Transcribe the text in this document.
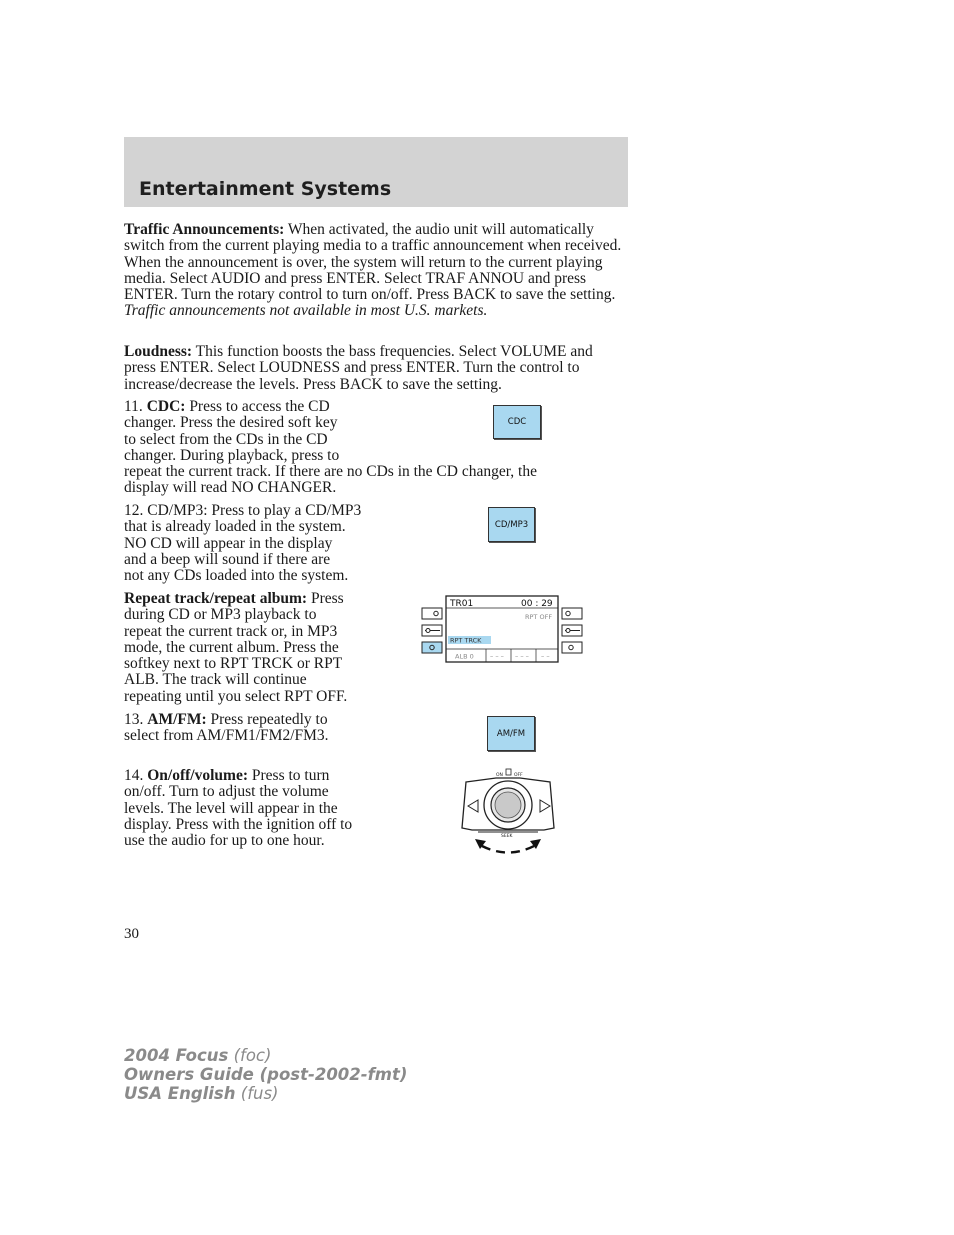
Entertainment Systems

Traffic Announcements: When activated, the audio unit will automatically switch from the current playing media to a traffic announcement when received. When the announcement is over, the system will return to the current playing media. Select AUDIO and press ENTER. Select TRAF ANNOU and press ENTER. Turn the rotary control to turn on/off. Press BACK to save the setting. Traffic announcements not available in most U.S. markets.

Loudness: This function boosts the bass frequencies. Select VOLUME and press ENTER. Select LOUDNESS and press ENTER. Turn the control to increase/decrease the levels. Press BACK to save the setting.

11. CDC: Press to access the CD
changer. Press the desired soft key
to select from the CDs in the CD
changer. During playback, press to
repeat the current track. If there are no CDs in the CD changer, the
display will read NO CHANGER.
CDC
12. CD/MP3: Press to play a CD/MP3
that is already loaded in the system.
NO CD will appear in the display
and a beep will sound if there are
not any CDs loaded into the system.
CD/MP3
Repeat track/repeat album: Press
during CD or MP3 playback to
repeat the current track or, in MP3
mode, the current album. Press the
softkey next to RPT TRCK or RPT
ALB. The track will continue
repeating until you select RPT OFF.
TR01	00 : 29
RPT OFF
RPT TRCK
ALB 0	– – – – – – – –
13. AM/FM: Press repeatedly to
select from AM/FM1/FM2/FM3.	AM/FM
14. On/off/volume: Press to turn
on/off. Turn to adjust the volume
levels. The level will appear in the
display. Press with the ignition off to
use the audio for up to one hour.
ON OFF
SEEK
30
2004 Focus (foc)
Owners Guide (post-2002-fmt)
USA English (fus)
